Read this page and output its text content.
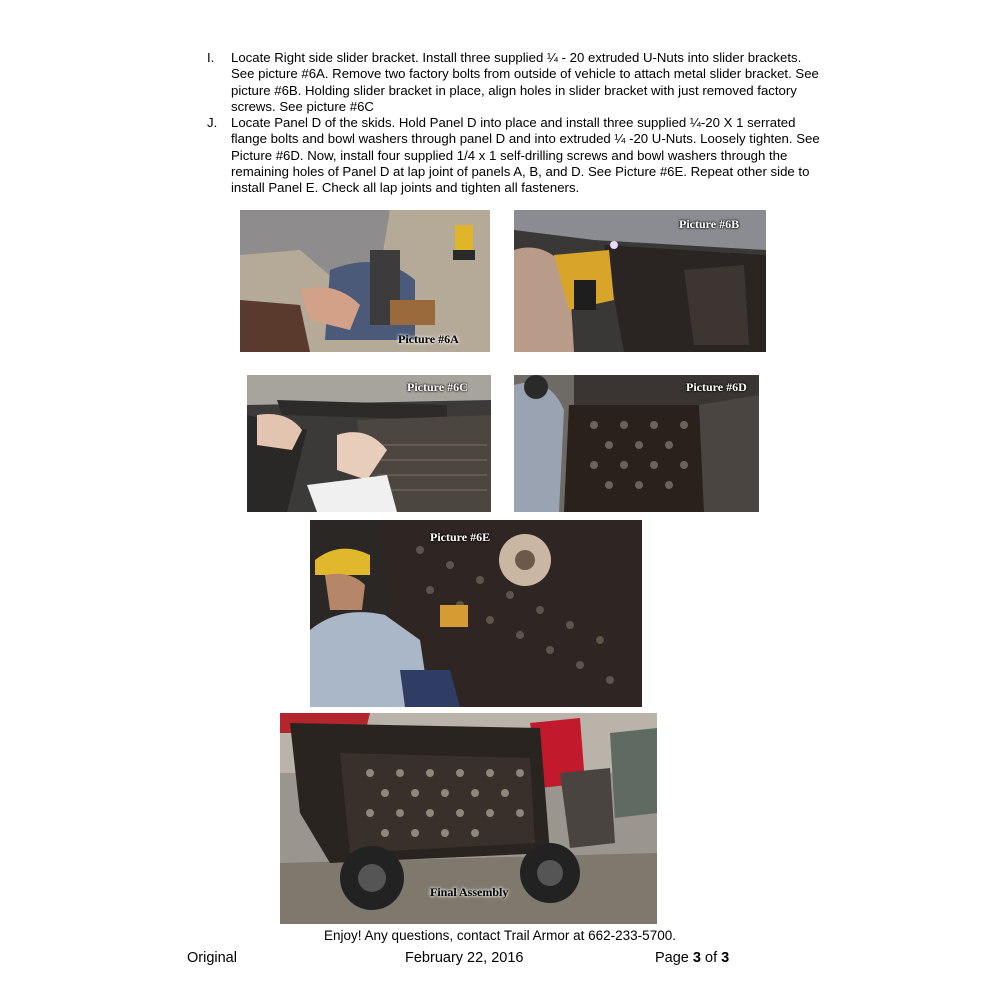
I.	Locate Right side slider bracket. Install three supplied ¼ - 20 extruded U-Nuts into slider brackets. See picture #6A. Remove two factory bolts from outside of vehicle to attach metal slider bracket. See picture #6B. Holding slider bracket in place, align holes in slider bracket with just removed factory screws. See picture #6C
J.	Locate Panel D of the skids. Hold Panel D into place and install three supplied ¼-20 X 1 serrated flange bolts and bowl washers through panel D and into extruded ¼ -20 U-Nuts. Loosely tighten. See Picture #6D. Now, install four supplied 1/4 x 1 self-drilling screws and bowl washers through the remaining holes of Panel D at lap joint of panels A, B, and D. See Picture #6E. Repeat other side to install Panel E. Check all lap joints and tighten all fasteners.
Picture #6A
Picture #6B
Picture #6C	Picture #6D
Picture #6E
Final Assembly
Enjoy! Any questions, contact Trail Armor at 662-233-5700.
Original	February 22, 2016	Page 3 of 3
